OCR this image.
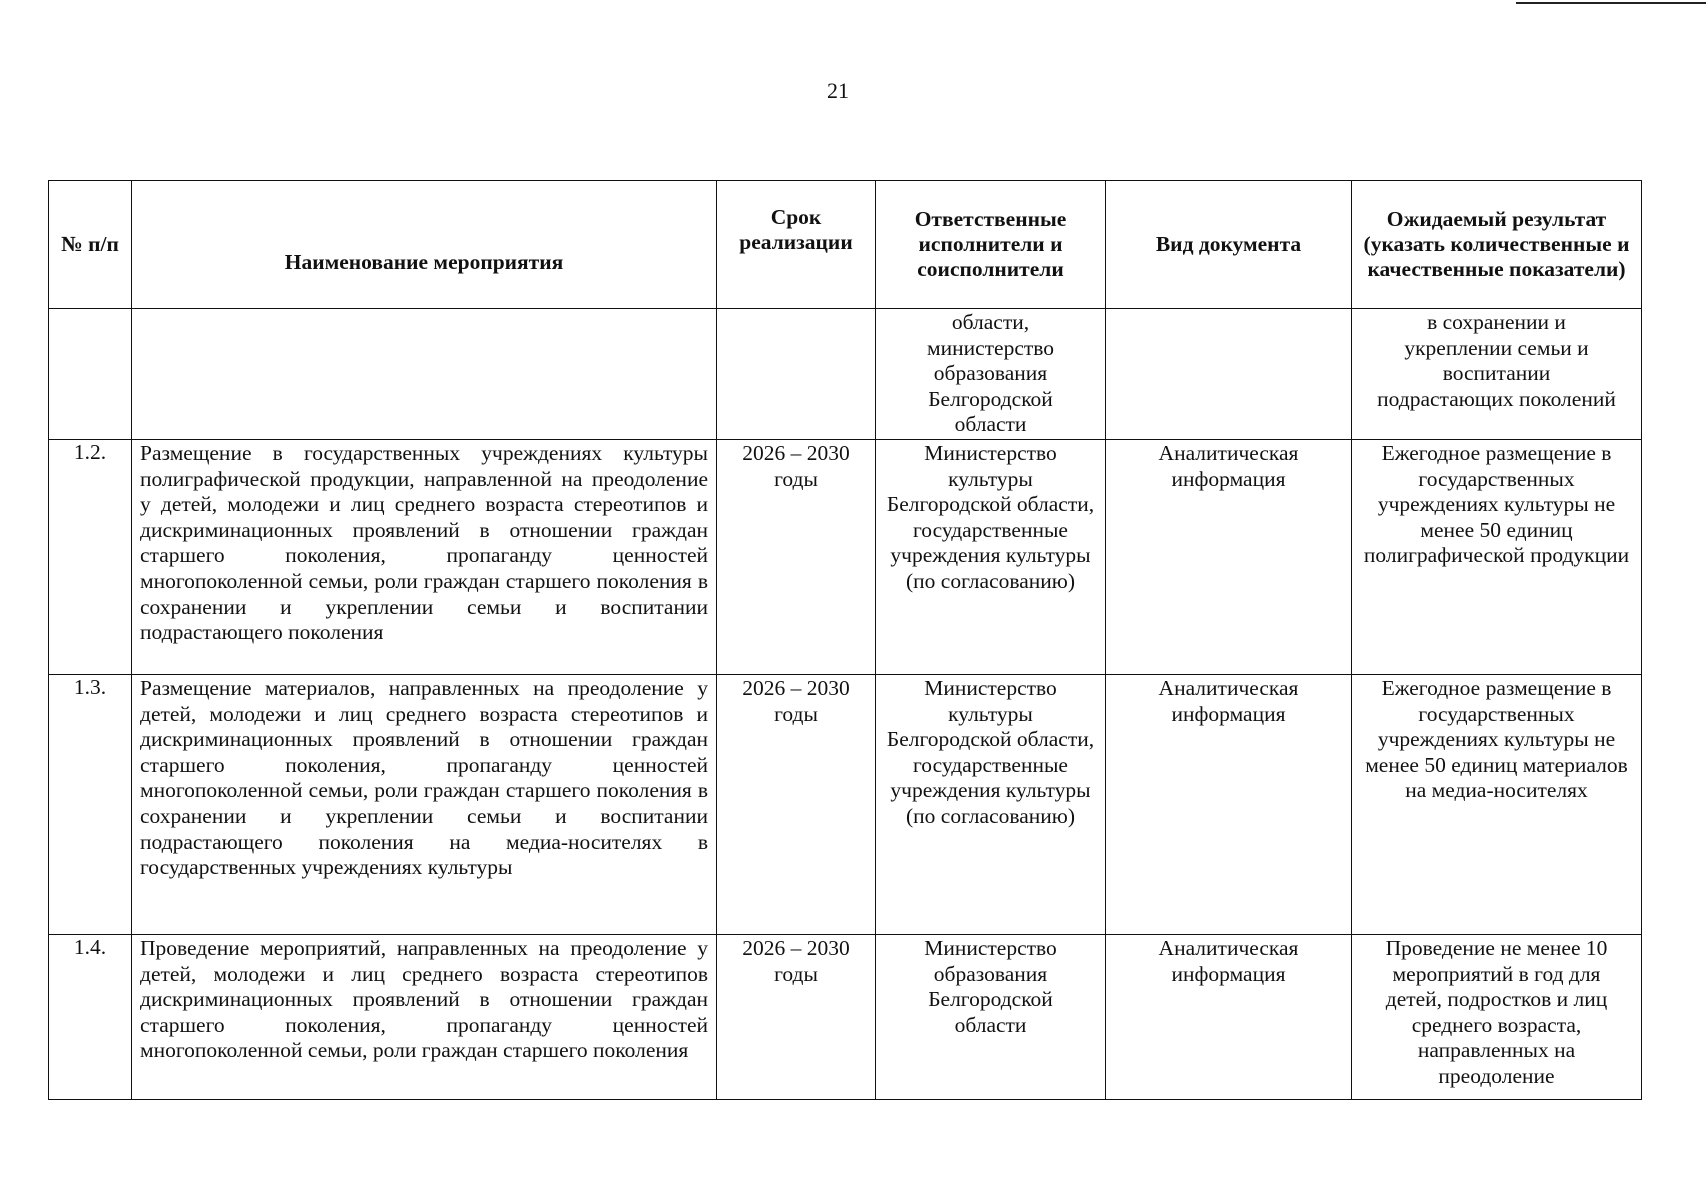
21
№ п/п	Наименование мероприятия	Срок реализации	Ответственные исполнители и соисполнители	Вид документа	Ожидаемый результат (указать количественные и качественные показатели)
			области, министерство образования Белгородской области		в сохранении и укреплении семьи и воспитании подрастающих поколений
1.2.	Размещение в государственных учреждениях культуры полиграфической продукции, направленной на преодоление у детей, молодежи и лиц среднего возраста стереотипов и дискриминационных проявлений в отношении граждан старшего поколения, пропаганду ценностей многопоколенной семьи, роли граждан старшего поколения в сохранении и укреплении семьи и воспитании подрастающего поколения	2026 – 2030 годы	Министерство культуры Белгородской области, государственные учреждения культуры (по согласованию)	Аналитическая информация	Ежегодное размещение в государственных учреждениях культуры не менее 50 единиц полиграфической продукции
1.3.	Размещение материалов, направленных на преодоление у детей, молодежи и лиц среднего возраста стереотипов и дискриминационных проявлений в отношении граждан старшего поколения, пропаганду ценностей многопоколенной семьи, роли граждан старшего поколения в сохранении и укреплении семьи и воспитании подрастающего поколения на медиа-носителях в государственных учреждениях культуры	2026 – 2030 годы	Министерство культуры Белгородской области, государственные учреждения культуры (по согласованию)	Аналитическая информация	Ежегодное размещение в государственных учреждениях культуры не менее 50 единиц материалов на медиа-носителях
1.4.	Проведение мероприятий, направленных на преодоление у детей, молодежи и лиц среднего возраста стереотипов дискриминационных проявлений в отношении граждан старшего поколения, пропаганду ценностей многопоколенной семьи, роли граждан старшего поколения	2026 – 2030 годы	Министерство образования Белгородской области	Аналитическая информация	Проведение не менее 10 мероприятий в год для детей, подростков и лиц среднего возраста, направленных на преодоление
